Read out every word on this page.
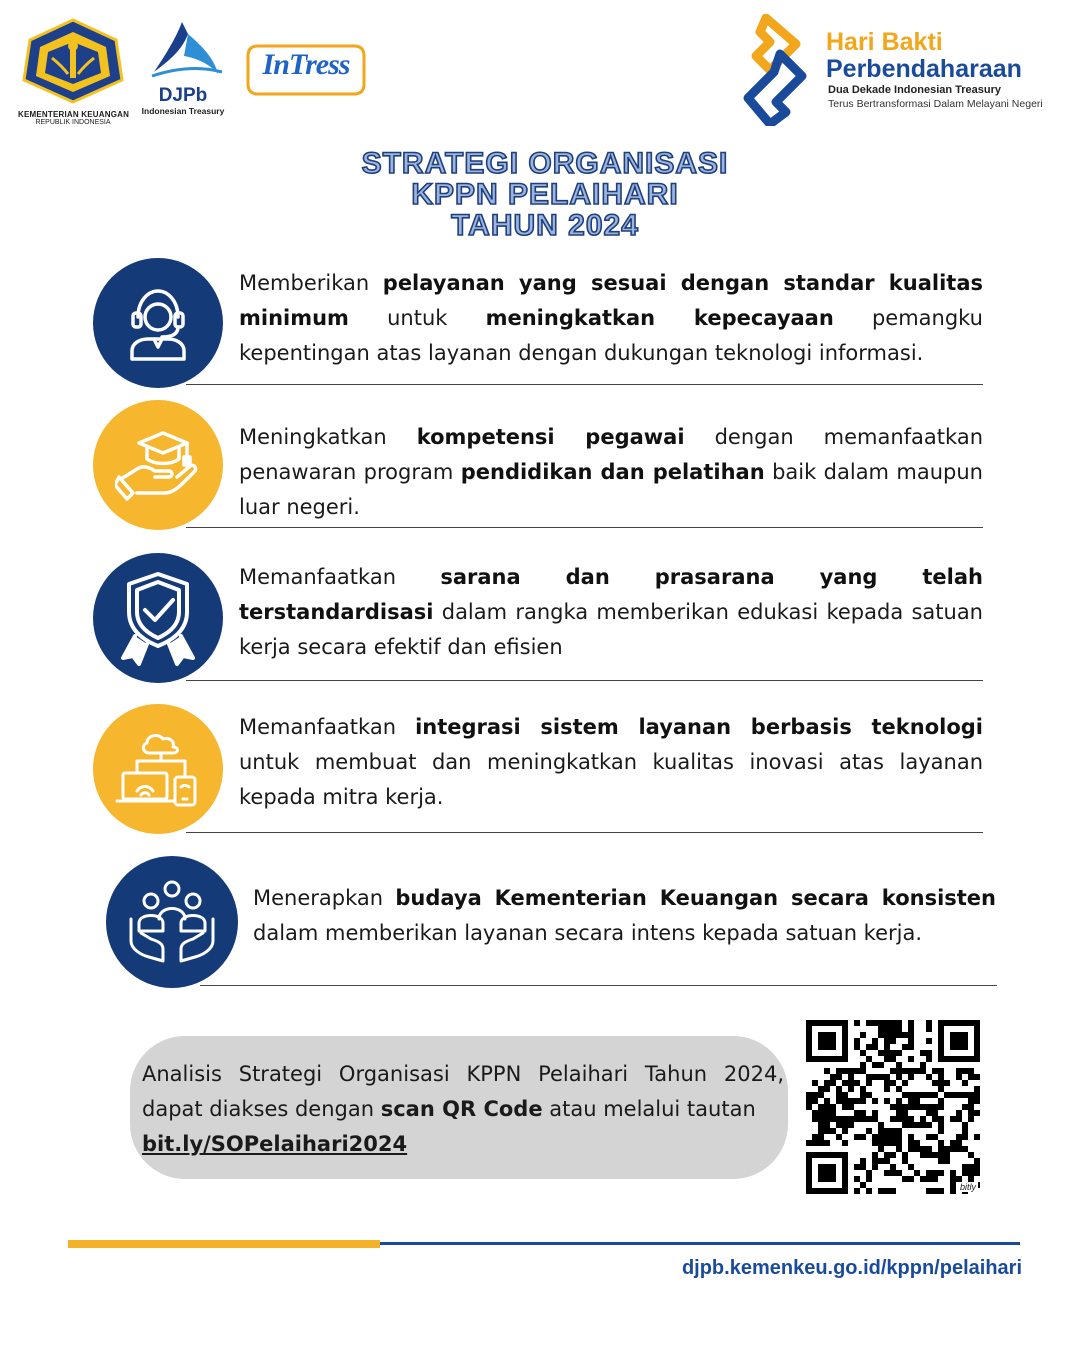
KEMENTERIAN KEUANGAN
REPUBLIK INDONESIA
DJPb
Indonesian Treasury
InTress
Hari Bakti
Perbendaharaan
Dua Dekade Indonesian Treasury
Terus Bertransformasi Dalam Melayani Negeri
STRATEGI ORGANISASI
KPPN PELAIHARI
TAHUN 2024
Memberikan pelayanan yang sesuai dengan standar kualitas minimum untuk meningkatkan kepecayaan pemangku kepentingan atas layanan dengan dukungan teknologi informasi.
Meningkatkan kompetensi pegawai dengan memanfaatkan penawaran program pendidikan dan pelatihan baik dalam maupun luar negeri.
Memanfaatkan sarana dan prasarana yang telah terstandardisasi dalam rangka memberikan edukasi kepada satuan kerja secara efektif dan efisien
Memanfaatkan integrasi sistem layanan berbasis teknologi untuk membuat dan meningkatkan kualitas inovasi atas layanan kepada mitra kerja.
Menerapkan budaya Kementerian Keuangan secara konsisten dalam memberikan layanan secara intens kepada satuan kerja.
Analisis Strategi Organisasi KPPN Pelaihari Tahun 2024, dapat diakses dengan scan QR Code atau melalui tautan
bit.ly/SOPelaihari2024
bitly
djpb.kemenkeu.go.id/kppn/pelaihari
